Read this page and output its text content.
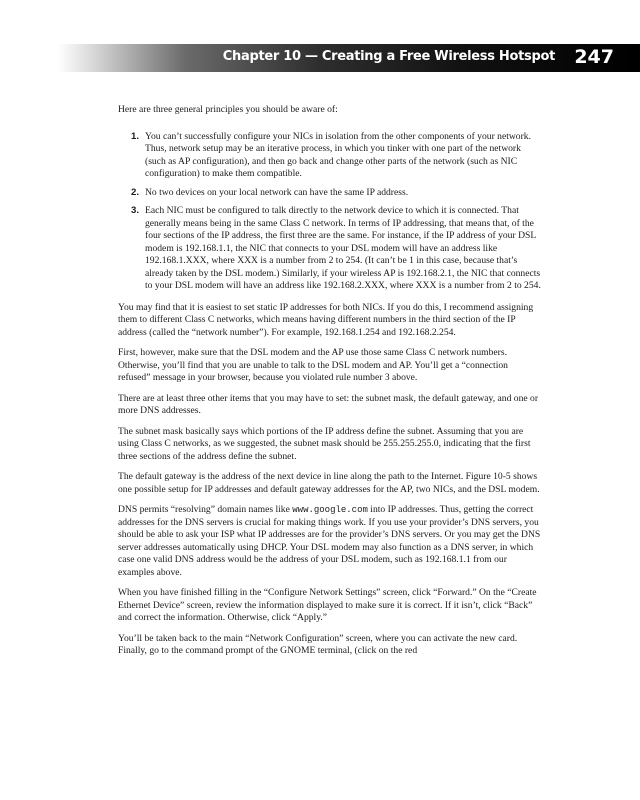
Chapter 10 — Creating a Free Wireless Hotspot 247

Here are three general principles you should be aware of:

1. You can’t successfully configure your NICs in isolation from the other components of your network. Thus, network setup may be an iterative process, in which you tinker with one part of the network (such as AP configuration), and then go back and change other parts of the network (such as NIC configuration) to make them compatible.
2. No two devices on your local network can have the same IP address.
3. Each NIC must be configured to talk directly to the network device to which it is connected. That generally means being in the same Class C network. In terms of IP addressing, that means that, of the four sections of the IP address, the first three are the same. For instance, if the IP address of your DSL modem is 192.168.1.1, the NIC that connects to your DSL modem will have an address like 192.168.1.XXX, where XXX is a number from 2 to 254. (It can’t be 1 in this case, because that’s already taken by the DSL modem.) Similarly, if your wireless AP is 192.168.2.1, the NIC that connects to your DSL modem will have an address like 192.168.2.XXX, where XXX is a number from 2 to 254.

You may find that it is easiest to set static IP addresses for both NICs. If you do this, I recommend assigning them to different Class C networks, which means having different numbers in the third section of the IP address (called the “network number”). For example, 192.168.1.254 and 192.168.2.254.

First, however, make sure that the DSL modem and the AP use those same Class C network numbers. Otherwise, you’ll find that you are unable to talk to the DSL modem and AP. You’ll get a “connection refused” message in your browser, because you violated rule number 3 above.

There are at least three other items that you may have to set: the subnet mask, the default gateway, and one or more DNS addresses.

The subnet mask basically says which portions of the IP address define the subnet. Assuming that you are using Class C networks, as we suggested, the subnet mask should be 255.255.255.0, indicating that the first three sections of the address define the subnet.

The default gateway is the address of the next device in line along the path to the Internet. Figure 10-5 shows one possible setup for IP addresses and default gateway addresses for the AP, two NICs, and the DSL modem.

DNS permits “resolving” domain names like www.google.com into IP addresses. Thus, getting the correct addresses for the DNS servers is crucial for making things work. If you use your provider’s DNS servers, you should be able to ask your ISP what IP addresses are for the provider’s DNS servers. Or you may get the DNS server addresses automatically using DHCP. Your DSL modem may also function as a DNS server, in which case one valid DNS address would be the address of your DSL modem, such as 192.168.1.1 from our examples above.

When you have finished filling in the “Configure Network Settings” screen, click “Forward.” On the “Create Ethernet Device” screen, review the information displayed to make sure it is correct. If it isn’t, click “Back” and correct the information. Otherwise, click “Apply.”

You’ll be taken back to the main “Network Configuration” screen, where you can activate the new card. Finally, go to the command prompt of the GNOME terminal, (click on the red
